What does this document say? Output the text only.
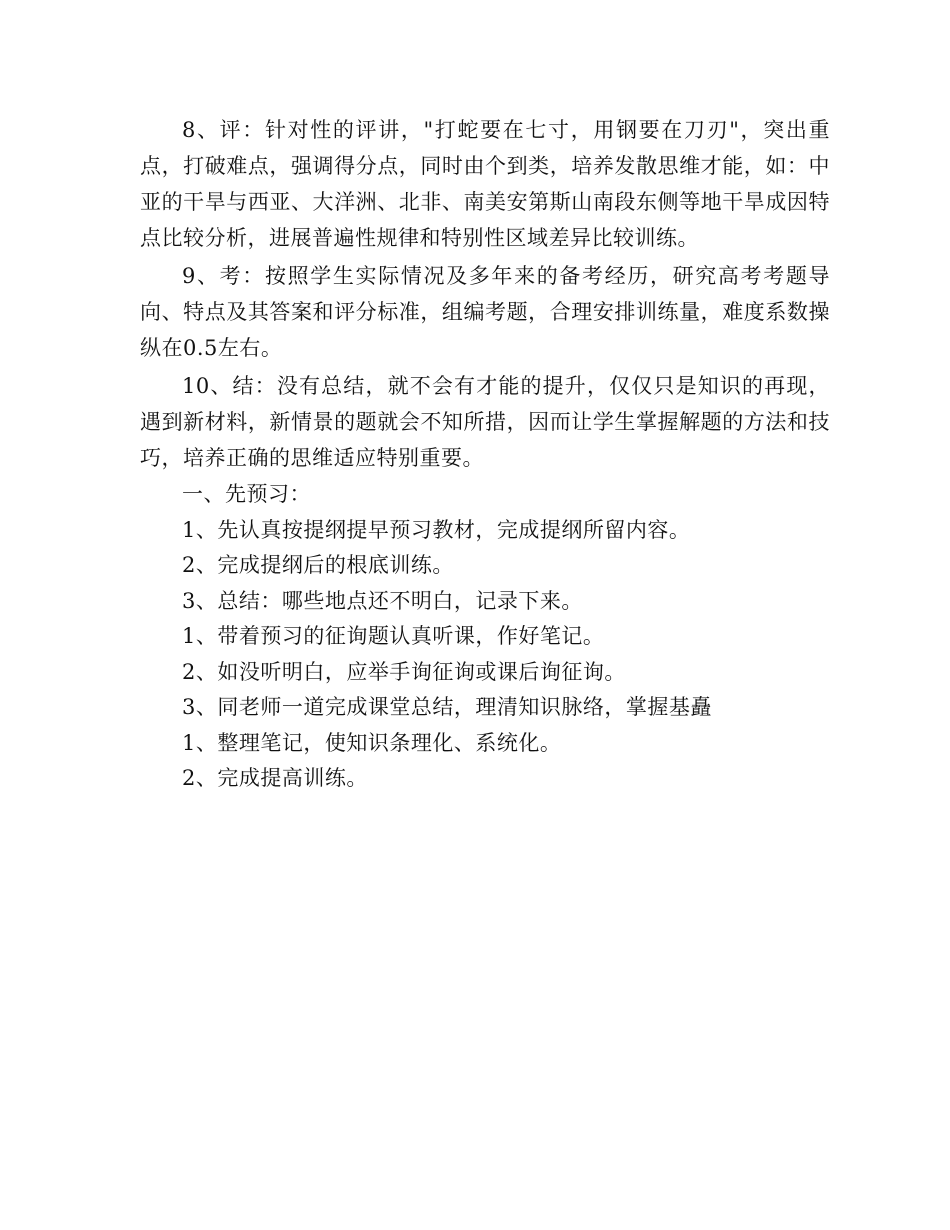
8、评：针对性的评讲，"打蛇要在七寸，用钢要在刀刃"，突出重点，打破难点，强调得分点，同时由个到类，培养发散思维才能，如：中亚的干旱与西亚、大洋洲、北非、南美安第斯山南段东侧等地干旱成因特点比较分析，进展普遍性规律和特别性区域差异比较训练。

9、考：按照学生实际情况及多年来的备考经历，研究高考考题导向、特点及其答案和评分标准，组编考题，合理安排训练量，难度系数操纵在0.5左右。

10、结：没有总结，就不会有才能的提升，仅仅只是知识的再现，遇到新材料，新情景的题就会不知所措，因而让学生掌握解题的方法和技巧，培养正确的思维适应特别重要。

一、先预习：

1、先认真按提纲提早预习教材，完成提纲所留内容。

2、完成提纲后的根底训练。

3、总结：哪些地点还不明白，记录下来。

1、带着预习的征询题认真听课，作好笔记。

2、如没听明白，应举手询征询或课后询征询。

3、同老师一道完成课堂总结，理清知识脉络，掌握基矗

1、整理笔记，使知识条理化、系统化。

2、完成提高训练。
